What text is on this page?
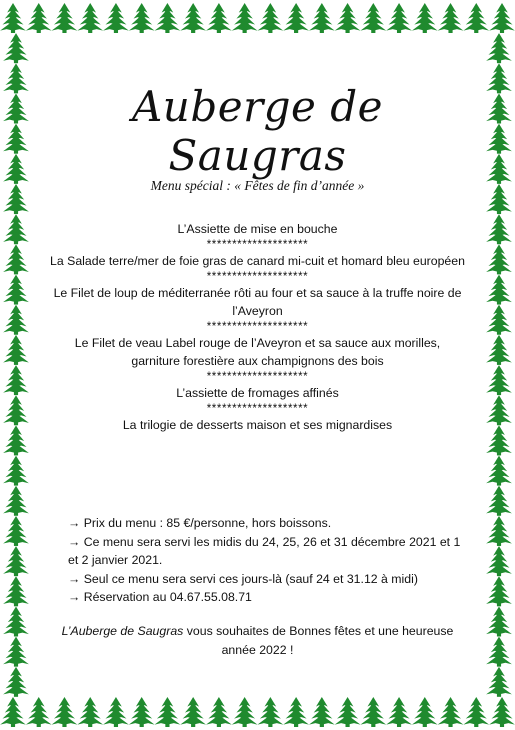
Auberge de Saugras
Menu spécial : « Fêtes de fin d’année »
L’Assiette de mise en bouche
********************
La Salade terre/mer de foie gras de canard mi-cuit et homard bleu européen
********************
Le Filet de loup de méditerranée rôti au four et sa sauce à la truffe noire de l’Aveyron
********************
Le Filet de veau Label rouge de l’Aveyron et sa sauce aux morilles, garniture forestière aux champignons des bois
********************
L’assiette de fromages affinés
********************
La trilogie de desserts maison et ses mignardises
→ Prix du menu : 85 €/personne, hors boissons.
→ Ce menu sera servi les midis du 24, 25, 26 et 31 décembre 2021 et 1 et 2 janvier 2021.
→ Seul ce menu sera servi ces jours-là (sauf 24 et 31.12 à midi)
→ Réservation au 04.67.55.08.71
L’Auberge de Saugras vous souhaites de Bonnes fêtes et une heureuse année 2022 !
